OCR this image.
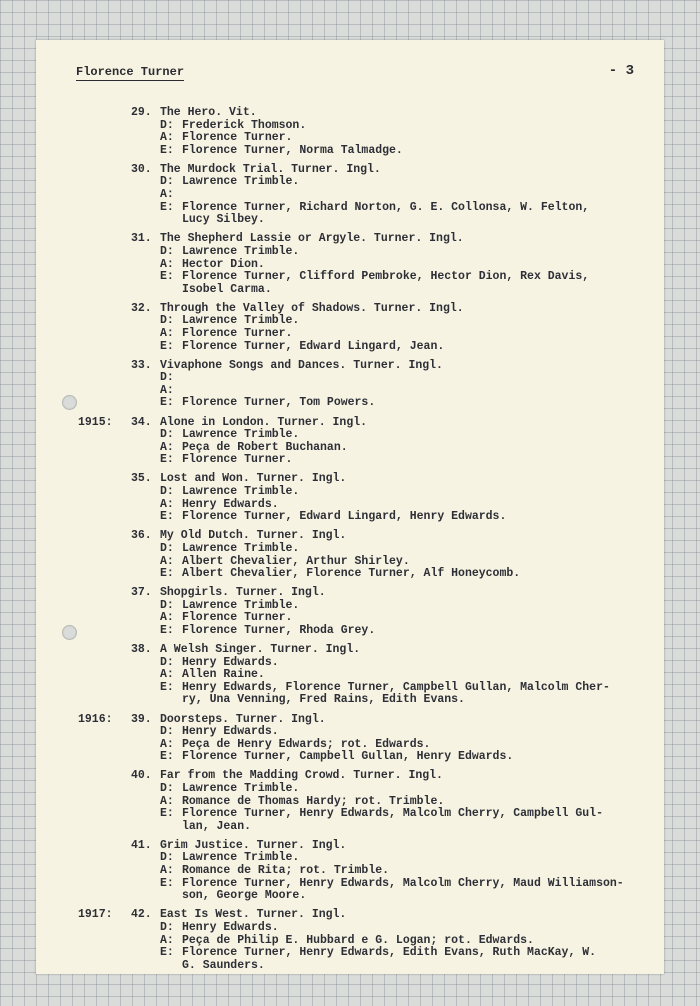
Florence Turner	- 3
29. The Hero. Vit.
D: Frederick Thomson.
A: Florence Turner.
E: Florence Turner, Norma Talmadge.
30. The Murdock Trial. Turner. Ingl.
D: Lawrence Trimble.
A:
E: Florence Turner, Richard Norton, G. E. Collonsa, W. Felton,
Lucy Silbey.
31. The Shepherd Lassie or Argyle. Turner. Ingl.
D: Lawrence Trimble.
A: Hector Dion.
E: Florence Turner, Clifford Pembroke, Hector Dion, Rex Davis,
Isobel Carma.
32. Through the Valley of Shadows. Turner. Ingl.
D: Lawrence Trimble.
A: Florence Turner.
E: Florence Turner, Edward Lingard, Jean.
33. Vivaphone Songs and Dances. Turner. Ingl.
D:
A:
E: Florence Turner, Tom Powers.
1915: 34. Alone in London. Turner. Ingl.
D: Lawrence Trimble.
A: Peça de Robert Buchanan.
E: Florence Turner.
35. Lost and Won. Turner. Ingl.
D: Lawrence Trimble.
A: Henry Edwards.
E: Florence Turner, Edward Lingard, Henry Edwards.
36. My Old Dutch. Turner. Ingl.
D: Lawrence Trimble.
A: Albert Chevalier, Arthur Shirley.
E: Albert Chevalier, Florence Turner, Alf Honeycomb.
37. Shopgirls. Turner. Ingl.
D: Lawrence Trimble.
A: Florence Turner.
E: Florence Turner, Rhoda Grey.
38. A Welsh Singer. Turner. Ingl.
D: Henry Edwards.
A: Allen Raine.
E: Henry Edwards, Florence Turner, Campbell Gullan, Malcolm Cher-
ry, Una Venning, Fred Rains, Edith Evans.
1916: 39. Doorsteps. Turner. Ingl.
D: Henry Edwards.
A: Peça de Henry Edwards; rot. Edwards.
E: Florence Turner, Campbell Gullan, Henry Edwards.
40. Far from the Madding Crowd. Turner. Ingl.
D: Lawrence Trimble.
A: Romance de Thomas Hardy; rot. Trimble.
E: Florence Turner, Henry Edwards, Malcolm Cherry, Campbell Gul-
lan, Jean.
41. Grim Justice. Turner. Ingl.
D: Lawrence Trimble.
A: Romance de Rita; rot. Trimble.
E: Florence Turner, Henry Edwards, Malcolm Cherry, Maud Williamson-
son, George Moore.
1917: 42. East Is West. Turner. Ingl.
D: Henry Edwards.
A: Peça de Philip E. Hubbard e G. Logan; rot. Edwards.
E: Florence Turner, Henry Edwards, Edith Evans, Ruth MacKay, W.
G. Saunders.
